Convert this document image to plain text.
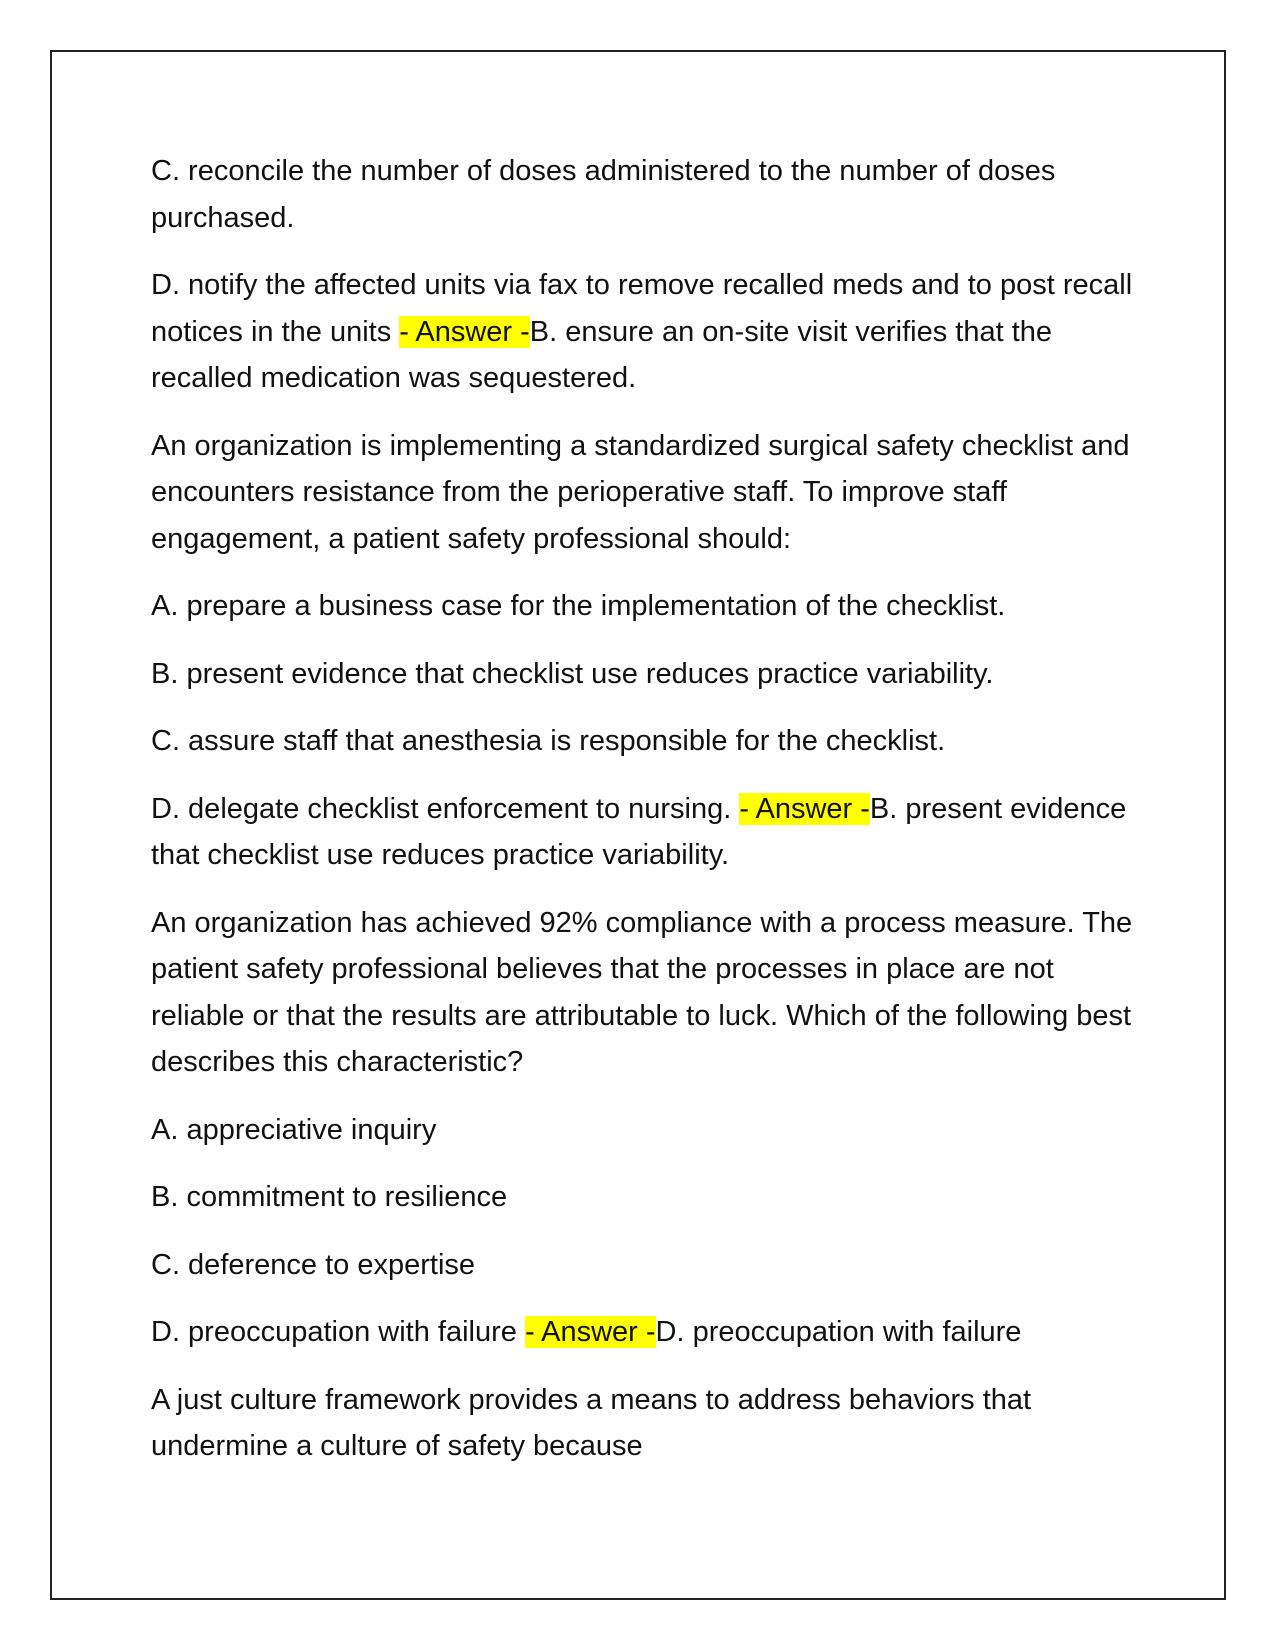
C. reconcile the number of doses administered to the number of doses purchased.

D. notify the affected units via fax to remove recalled meds and to post recall notices in the units - Answer -B. ensure an on-site visit verifies that the recalled medication was sequestered.

An organization is implementing a standardized surgical safety checklist and encounters resistance from the perioperative staff. To improve staff engagement, a patient safety professional should:

A. prepare a business case for the implementation of the checklist.

B. present evidence that checklist use reduces practice variability.

C. assure staff that anesthesia is responsible for the checklist.

D. delegate checklist enforcement to nursing. - Answer -B. present evidence that checklist use reduces practice variability.

An organization has achieved 92% compliance with a process measure. The patient safety professional believes that the processes in place are not reliable or that the results are attributable to luck. Which of the following best describes this characteristic?

A. appreciative inquiry

B. commitment to resilience

C. deference to expertise

D. preoccupation with failure - Answer -D. preoccupation with failure

A just culture framework provides a means to address behaviors that undermine a culture of safety because
